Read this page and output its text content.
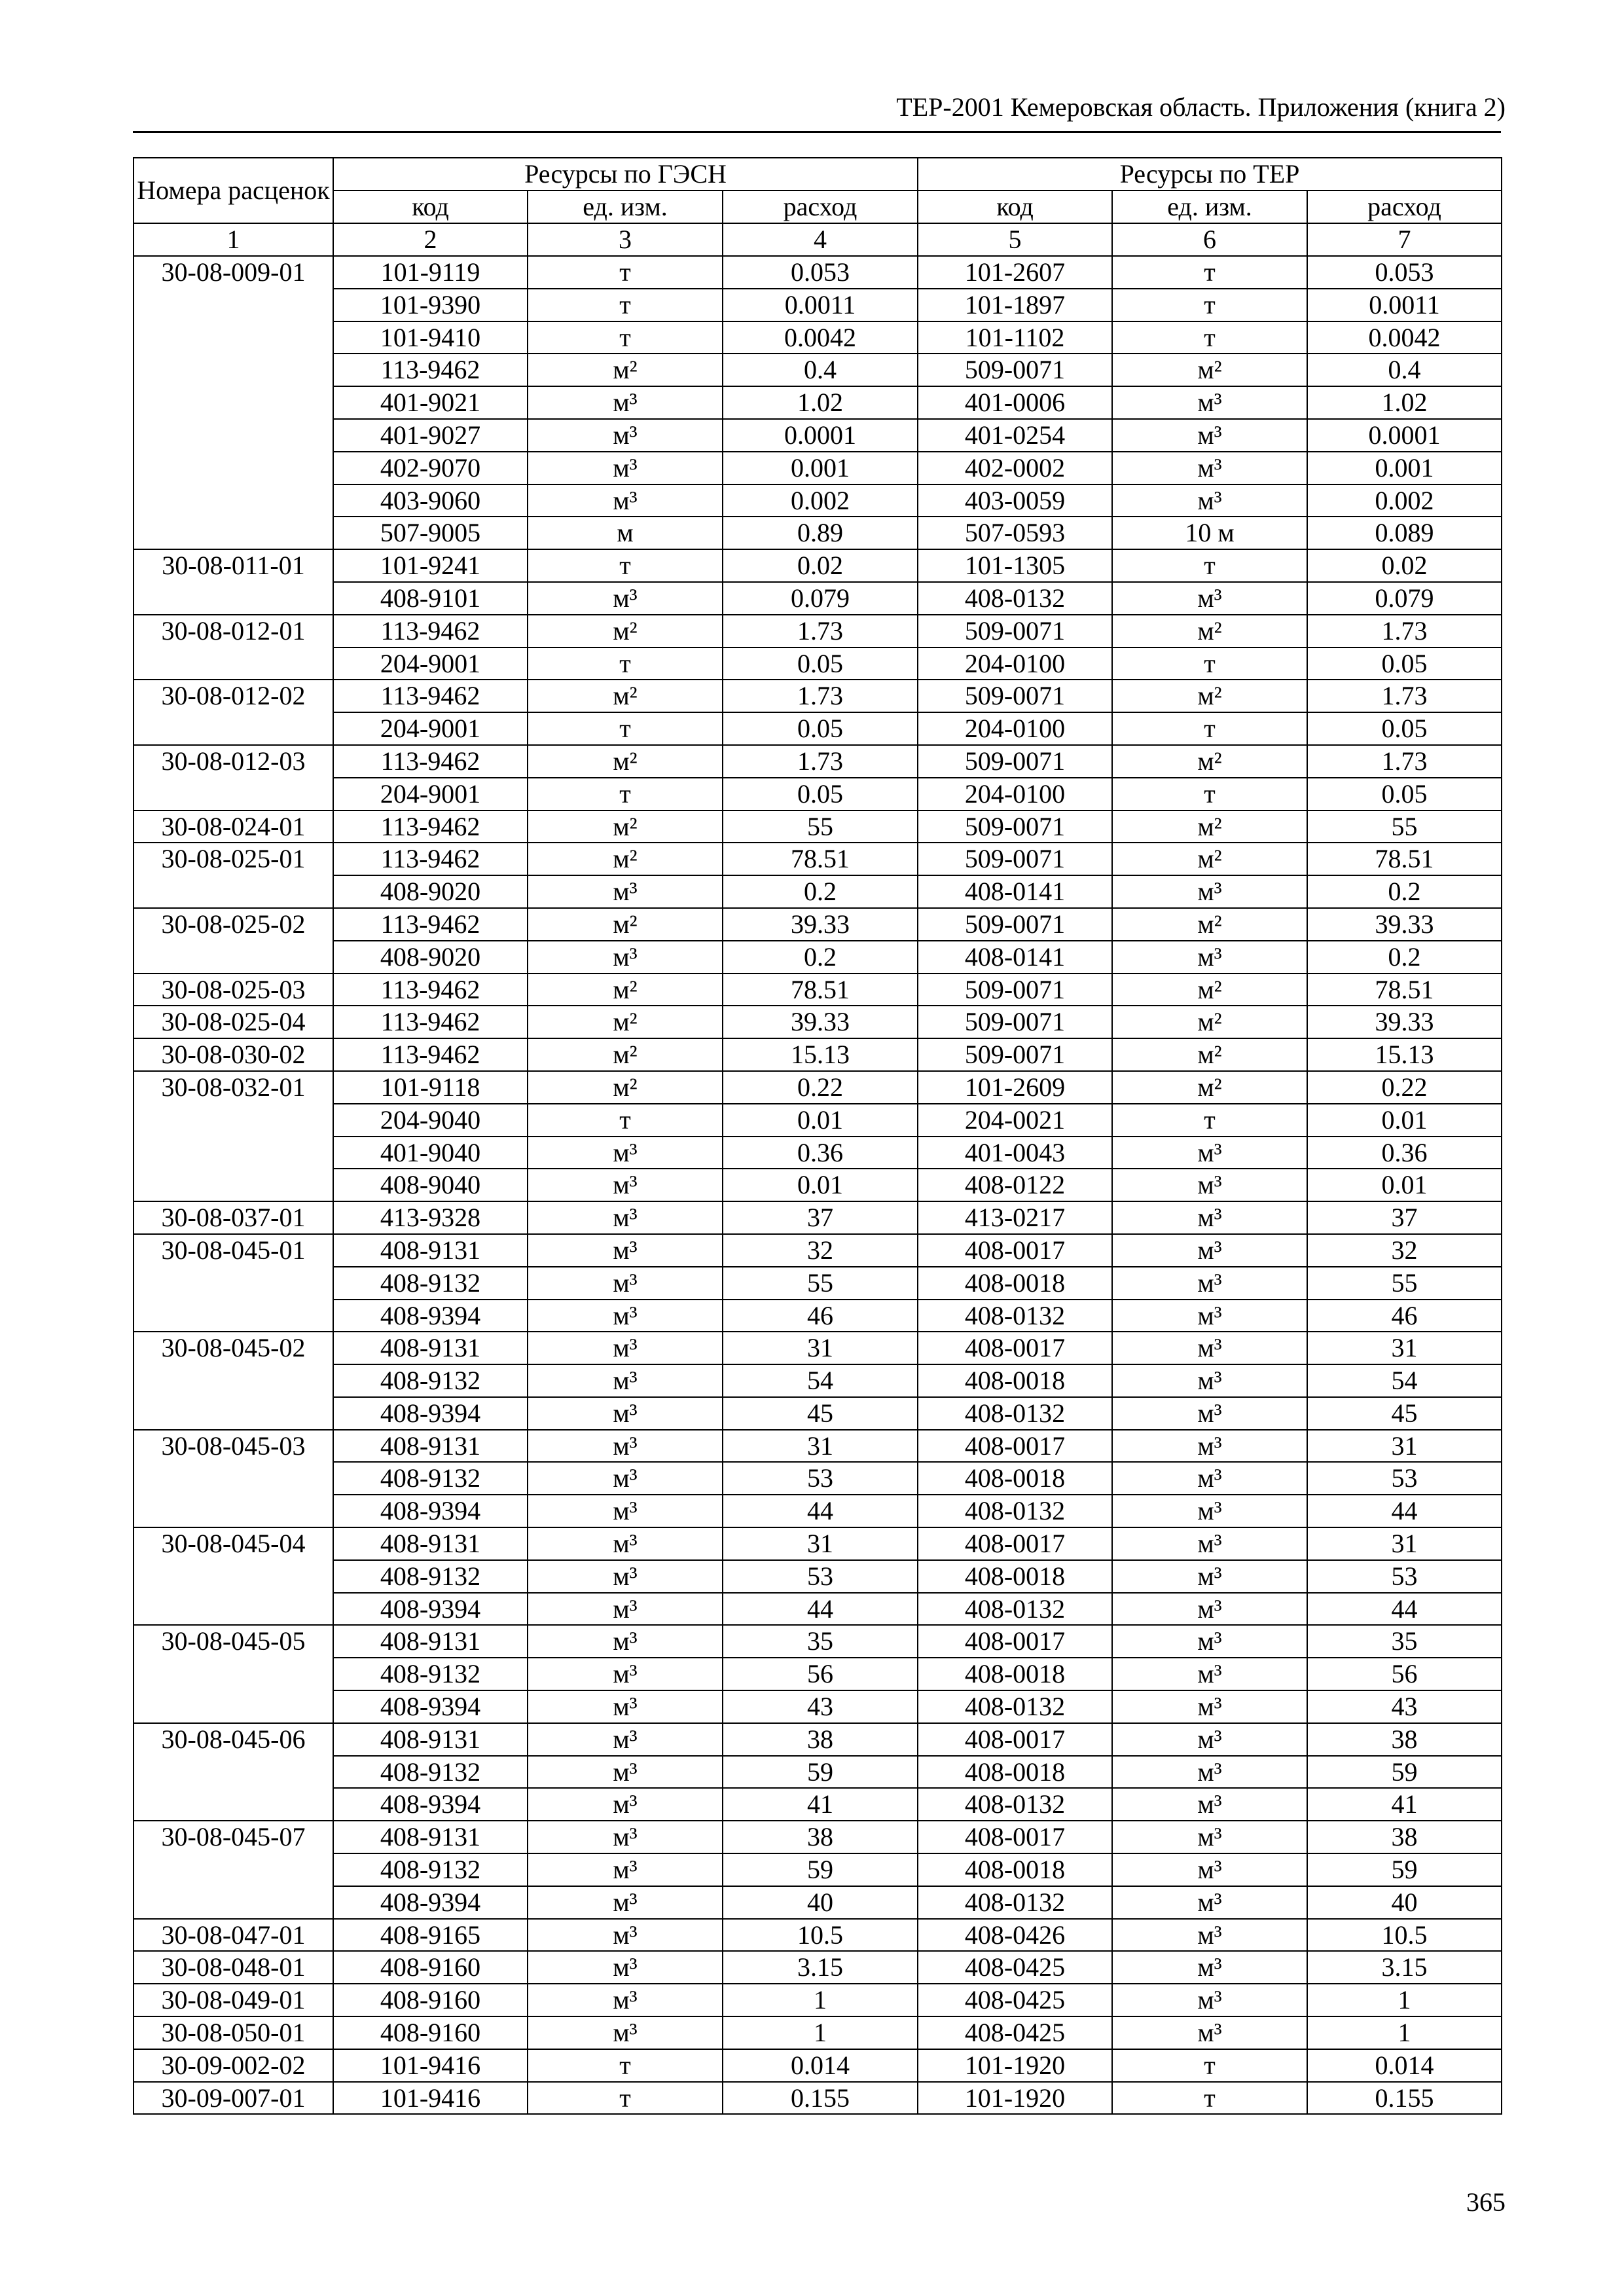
ТЕР-2001 Кемеровская область. Приложения (книга 2)
Номера расценок	Ресурсы по ГЭСН			Ресурсы по ТЕР		
	код	ед. изм.	расход	код	ед. изм.	расход
1	2	3	4	5	6	7
30-08-009-01	101-9119	т	0.053	101-2607	т	0.053
	101-9390	т	0.0011	101-1897	т	0.0011
	101-9410	т	0.0042	101-1102	т	0.0042
	113-9462	м²	0.4	509-0071	м²	0.4
	401-9021	м³	1.02	401-0006	м³	1.02
	401-9027	м³	0.0001	401-0254	м³	0.0001
	402-9070	м³	0.001	402-0002	м³	0.001
	403-9060	м³	0.002	403-0059	м³	0.002
	507-9005	м	0.89	507-0593	10 м	0.089
30-08-011-01	101-9241	т	0.02	101-1305	т	0.02
	408-9101	м³	0.079	408-0132	м³	0.079
30-08-012-01	113-9462	м²	1.73	509-0071	м²	1.73
	204-9001	т	0.05	204-0100	т	0.05
30-08-012-02	113-9462	м²	1.73	509-0071	м²	1.73
	204-9001	т	0.05	204-0100	т	0.05
30-08-012-03	113-9462	м²	1.73	509-0071	м²	1.73
	204-9001	т	0.05	204-0100	т	0.05
30-08-024-01	113-9462	м²	55	509-0071	м²	55
30-08-025-01	113-9462	м²	78.51	509-0071	м²	78.51
	408-9020	м³	0.2	408-0141	м³	0.2
30-08-025-02	113-9462	м²	39.33	509-0071	м²	39.33
	408-9020	м³	0.2	408-0141	м³	0.2
30-08-025-03	113-9462	м²	78.51	509-0071	м²	78.51
30-08-025-04	113-9462	м²	39.33	509-0071	м²	39.33
30-08-030-02	113-9462	м²	15.13	509-0071	м²	15.13
30-08-032-01	101-9118	м²	0.22	101-2609	м²	0.22
	204-9040	т	0.01	204-0021	т	0.01
	401-9040	м³	0.36	401-0043	м³	0.36
	408-9040	м³	0.01	408-0122	м³	0.01
30-08-037-01	413-9328	м³	37	413-0217	м³	37
30-08-045-01	408-9131	м³	32	408-0017	м³	32
	408-9132	м³	55	408-0018	м³	55
	408-9394	м³	46	408-0132	м³	46
30-08-045-02	408-9131	м³	31	408-0017	м³	31
	408-9132	м³	54	408-0018	м³	54
	408-9394	м³	45	408-0132	м³	45
30-08-045-03	408-9131	м³	31	408-0017	м³	31
	408-9132	м³	53	408-0018	м³	53
	408-9394	м³	44	408-0132	м³	44
30-08-045-04	408-9131	м³	31	408-0017	м³	31
	408-9132	м³	53	408-0018	м³	53
	408-9394	м³	44	408-0132	м³	44
30-08-045-05	408-9131	м³	35	408-0017	м³	35
	408-9132	м³	56	408-0018	м³	56
	408-9394	м³	43	408-0132	м³	43
30-08-045-06	408-9131	м³	38	408-0017	м³	38
	408-9132	м³	59	408-0018	м³	59
	408-9394	м³	41	408-0132	м³	41
30-08-045-07	408-9131	м³	38	408-0017	м³	38
	408-9132	м³	59	408-0018	м³	59
	408-9394	м³	40	408-0132	м³	40
30-08-047-01	408-9165	м³	10.5	408-0426	м³	10.5
30-08-048-01	408-9160	м³	3.15	408-0425	м³	3.15
30-08-049-01	408-9160	м³	1	408-0425	м³	1
30-08-050-01	408-9160	м³	1	408-0425	м³	1
30-09-002-02	101-9416	т	0.014	101-1920	т	0.014
30-09-007-01	101-9416	т	0.155	101-1920	т	0.155
365
